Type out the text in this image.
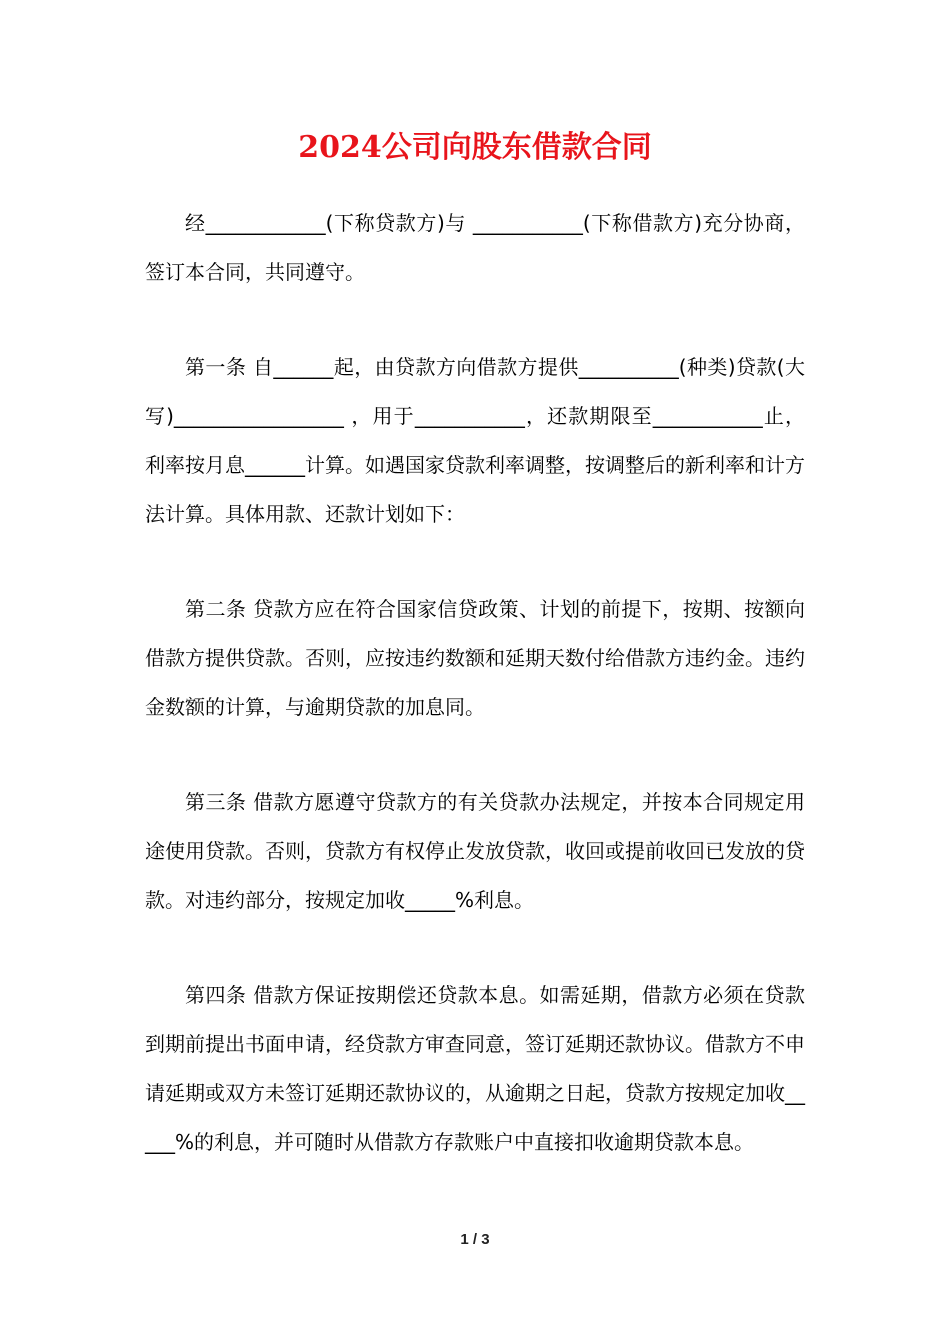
2024公司向股东借款合同

经____________(下称贷款方)与 ___________(下称借款方)充分协商，签订本合同，共同遵守。

第一条 自______起，由贷款方向借款方提供__________(种类)贷款(大写)_________________ ，用于___________，还款期限至___________止，利率按月息______计算。如遇国家贷款利率调整，按调整后的新利率和计方法计算。具体用款、还款计划如下：

第二条 贷款方应在符合国家信贷政策、计划的前提下，按期、按额向借款方提供贷款。否则，应按违约数额和延期天数付给借款方违约金。违约金数额的计算，与逾期贷款的加息同。

第三条 借款方愿遵守贷款方的有关贷款办法规定，并按本合同规定用途使用贷款。否则，贷款方有权停止发放贷款，收回或提前收回已发放的贷款。对违约部分，按规定加收_____%利息。

第四条 借款方保证按期偿还贷款本息。如需延期，借款方必须在贷款到期前提出书面申请，经贷款方审查同意，签订延期还款协议。借款方不申请延期或双方未签订延期还款协议的，从逾期之日起，贷款方按规定加收_____%的利息，并可随时从借款方存款账户中直接扣收逾期贷款本息。

1 / 3
